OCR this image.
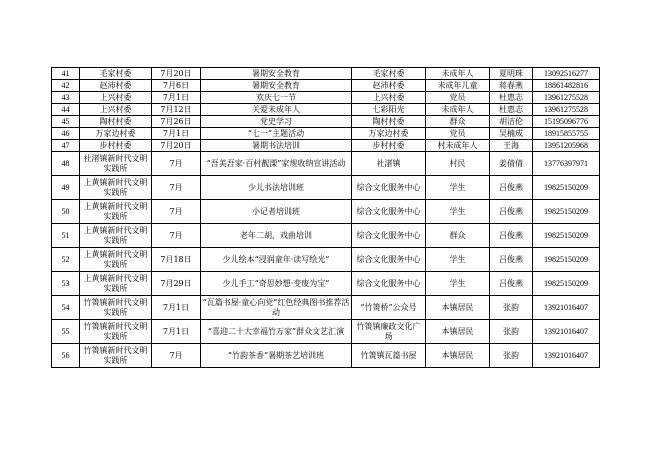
41	毛家村委	7月20日	暑期安全教育	毛家村委	未成年人	夏明珠	13092516277
42	赵沛村委	7月6日	暑期安全教育	赵沛村委	未成年儿童	蒋春燕	18861482816
43	上兴村委	7月1日	欢庆七一节	上兴村委	党员	杜惠志	13961275528
44	上兴村委	7月12日	关爱未成年人	七彩阳光	未成年人	杜惠志	13961275528
45	陶村村委	7月26日	党史学习	陶村村委	群众	胡洁伦	15195096776
46	万家边村委	7月1日	“七一”主题活动	万家边村委	党员	吴楠成	18915855755
47	步村村委	7月20日	暑期书法培训	步村村委	村未成年人	王海	13951205968
48	社渚镇新时代文明实践所	7月	“吾美吾家·百村靓溧”家规收纳宣讲活动	社渚镇	村民	姜倩倩	13776397971
49	上黄镇新时代文明实践所	7月	少儿书法培训班	综合文化服务中心	学生	吕俊燕	19825150209
50	上黄镇新时代文明实践所	7月	小记者培训班	综合文化服务中心	学生	吕俊燕	19825150209
51	上黄镇新时代文明实践所	7月	老年二胡、戏曲培训	综合文化服务中心	群众	吕俊燕	19825150209
52	上黄镇新时代文明实践所	7月18日	少儿绘本“浸润童年·读写绘光”	综合文化服务中心	学生	吕俊燕	19825150209
53	上黄镇新时代文明实践所	7月29日	少儿手工“奇思妙想·变废为宝”	综合文化服务中心	学生	吕俊燕	19825150209
54	竹箦镇新时代文明实践所	7月1日	“瓦篇书屋·童心向党”红色经典图书推荐活动	“竹箦桥”公众号	本镇居民	张韵	13921016407
55	竹箦镇新时代文明实践所	7月1日	“喜迎二十大幸福竹万家”群众文艺汇演	竹箦镇廉政文化广场	本镇居民	张韵	13921016407
56	竹箦镇新时代文明实践所	7月	“竹韵茶香”暑期茶艺培训班	竹箦镇瓦篇书屋	本镇居民	张韵	13921016407
